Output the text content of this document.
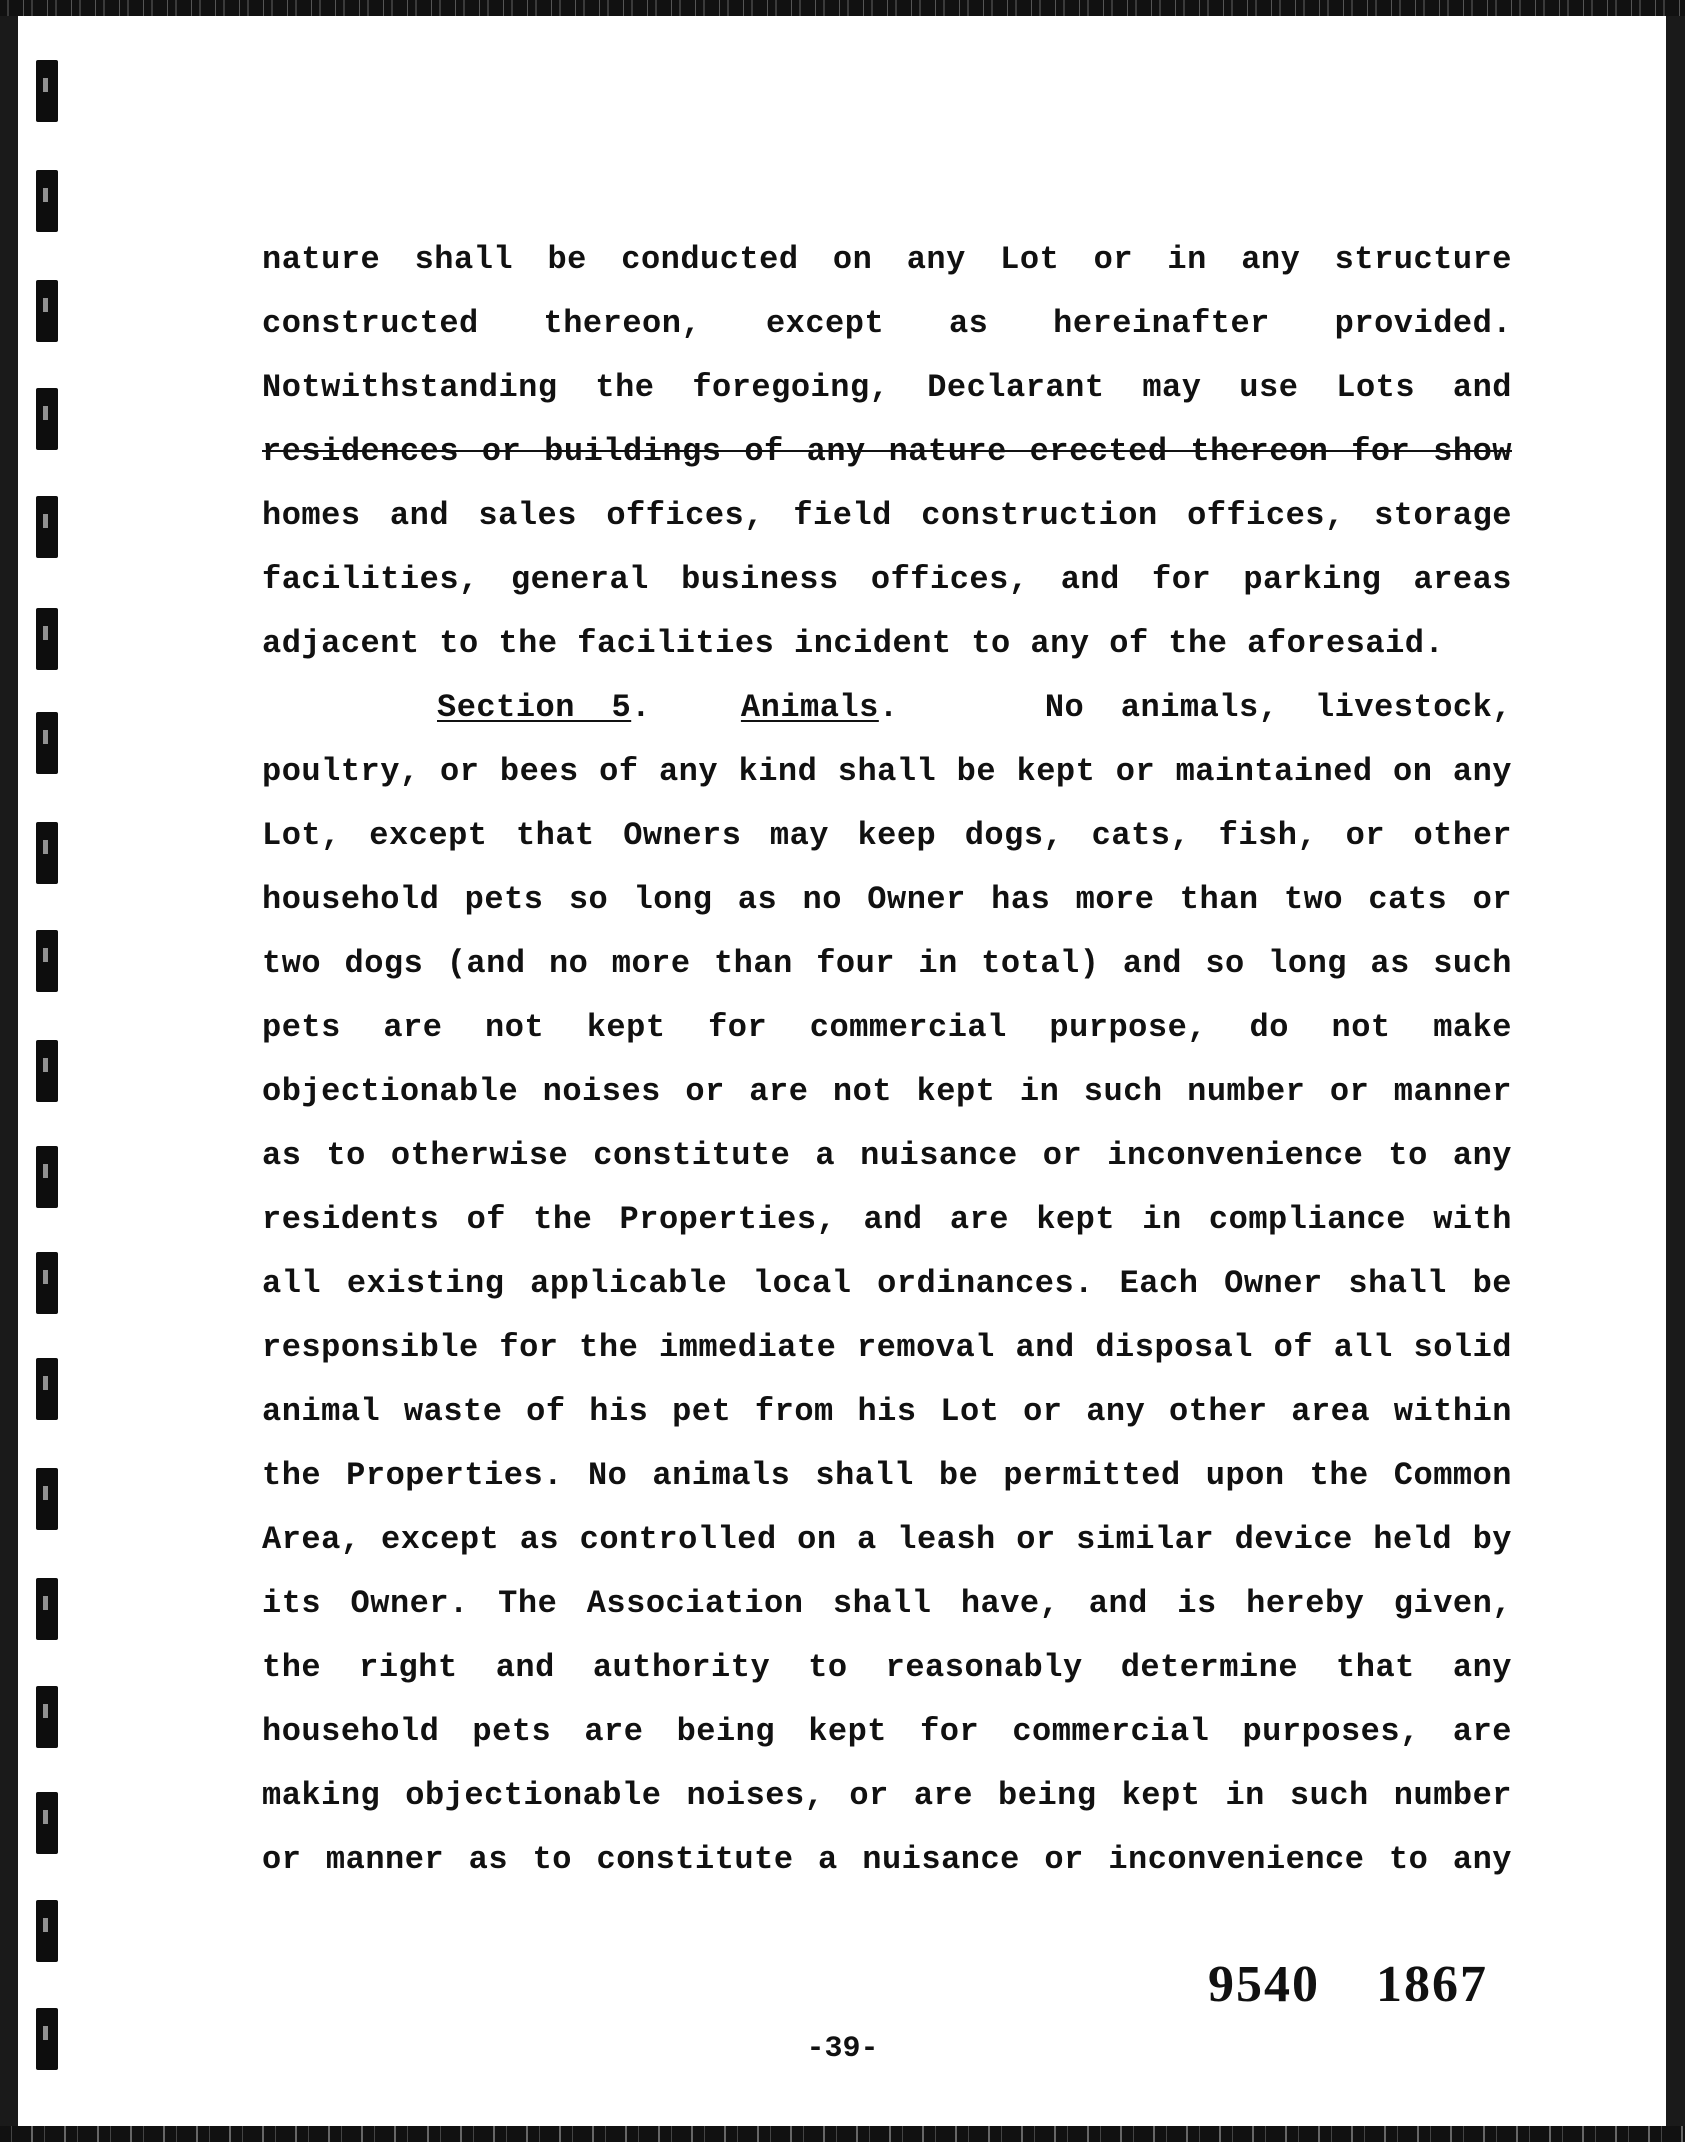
nature shall be conducted on any Lot or in any structure
constructed thereon, except as hereinafter provided.
Notwithstanding the foregoing, Declarant may use Lots and
residences or buildings of any nature erected thereon for show
homes and sales offices, field construction offices, storage
facilities, general business offices, and for parking areas
adjacent to the facilities incident to any of the aforesaid.
Section 5.	Animals.    No animals, livestock,
poultry, or bees of any kind shall be kept or maintained on any
Lot, except that Owners may keep dogs, cats, fish, or other
household pets so long as no Owner has more than two cats or
two dogs (and no more than four in total) and so long as such
pets are not kept for commercial purpose, do not make
objectionable noises or are not kept in such number or manner
as to otherwise constitute a nuisance or inconvenience to any
residents of the Properties, and are kept in compliance with
all existing applicable local ordinances. Each Owner shall be
responsible for the immediate removal and disposal of all solid
animal waste of his pet from his Lot or any other area within
the Properties. No animals shall be permitted upon the Common
Area, except as controlled on a leash or similar device held by
its Owner. The Association shall have, and is hereby given,
the right and authority to reasonably determine that any
household pets are being kept for commercial purposes, are
making objectionable noises, or are being kept in such number
or manner as to constitute a nuisance or inconvenience to any
9540 1867
-39-
